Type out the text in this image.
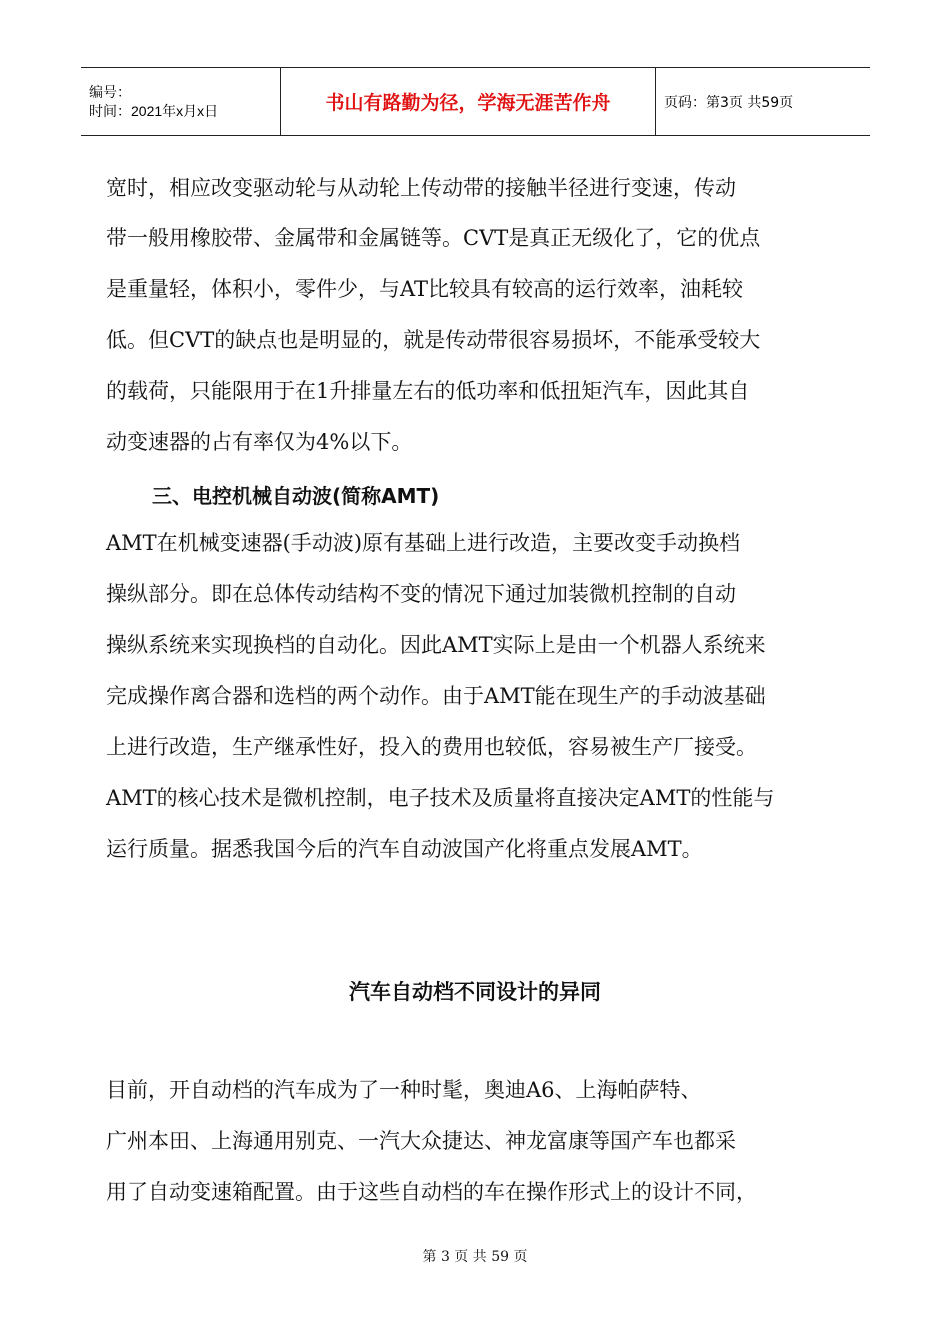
编号：
时间：2021年x月x日	书山有路勤为径，学海无涯苦作舟	页码：第3页 共59页
宽时，相应改变驱动轮与从动轮上传动带的接触半径进行变速，传动
带一般用橡胶带、金属带和金属链等。CVT是真正无级化了，它的优点
是重量轻，体积小，零件少，与AT比较具有较高的运行效率，油耗较
低。但CVT的缺点也是明显的，就是传动带很容易损坏，不能承受较大
的载荷，只能限用于在1升排量左右的低功率和低扭矩汽车，因此其自
动变速器的占有率仅为4%以下。
三、电控机械自动波(简称AMT)
AMT在机械变速器(手动波)原有基础上进行改造，主要改变手动换档
操纵部分。即在总体传动结构不变的情况下通过加装微机控制的自动
操纵系统来实现换档的自动化。因此AMT实际上是由一个机器人系统来
完成操作离合器和选档的两个动作。由于AMT能在现生产的手动波基础
上进行改造，生产继承性好，投入的费用也较低，容易被生产厂接受。
AMT的核心技术是微机控制，电子技术及质量将直接决定AMT的性能与
运行质量。据悉我国今后的汽车自动波国产化将重点发展AMT。
汽车自动档不同设计的异同
目前，开自动档的汽车成为了一种时髦，奥迪A6、上海帕萨特、
广州本田、上海通用别克、一汽大众捷达、神龙富康等国产车也都采
用了自动变速箱配置。由于这些自动档的车在操作形式上的设计不同，
第 3 页 共 59 页
